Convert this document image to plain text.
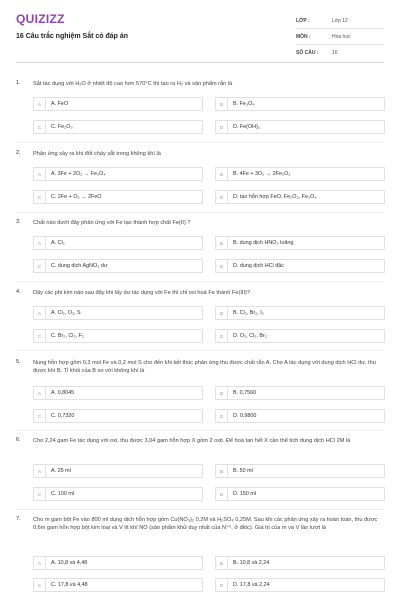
QUIZIZZ
16 Câu trắc nghiệm Sắt có đáp án
LỚP :	Lớp 12
MÔN :	Hóa học
SỐ CÂU :	16
1. Sắt tác dụng với H₂O ở nhiệt độ cao hơn 570°C thì tạo ra H₂ và sản phẩm rắn là
A	A. FeO	B	B. Fe₃O₄
C	C. Fe₂O₃	D	D. Fe(OH)₂
2. Phản ứng xảy ra khi đốt cháy sắt trong không khí là
A	A. 3Fe + 2O₂ → Fe₃O₄	B	B. 4Fe + 3O₂ → 2Fe₂O₃
C	C. 2Fe + O₂ → 2FeO	D	D. tạo hỗn hợp FeO, Fe₂O₃, Fe₃O₄
3. Chất nào dưới đây phản ứng với Fe tạo thành hợp chất Fe(II) ?
A	A. Cl₂	B	B. dung dịch HNO₃ loãng
C	C. dung dịch AgNO₃ dư	D	D. dung dịch HCl đặc
4. Dãy các phi kim nào sau đây khi lấy dư tác dụng với Fe thì chỉ oxi hoá Fe thành Fe(III)?
A	A. Cl₂, O₂, S	B	B. Cl₂, Br₂, I₂
C	C. Br₂, Cl₂, F₂	D	D. O₂, Cl₂, Br₂
5. Nung hỗn hợp gồm 0,3 mol Fe và 0,2 mol S cho đến khi kết thúc phản ứng thu được chất rắn A. Cho A tác dụng với dung dịch HCl dư, thu được khí B. Tỉ khối của B so với không khí là
A	A. 0,8045	B	B. 0,7560
C	C. 0,7320	D	D. 0,9800
6. Cho 2,24 gam Fe tác dụng với oxi, thu được 3,04 gam hỗn hợp X gồm 2 oxit. Để hoà tan hết X cần thể tích dung dịch HCl 2M là
A	A. 25 ml	B	B. 50 ml
C	C. 100 ml	D	D. 150 ml
7. Cho m gam bột Fe vào 800 ml dung dịch hỗn hợp gồm Cu(NO₃)₂ 0,2M và H₂SO₄ 0,25M. Sau khi các phản ứng xảy ra hoàn toàn, thu được 0,6m gam hỗn hợp bột kim loại và V lít khí NO (sản phẩm khử duy nhất của N⁺⁵, ở đktc). Giá trị của m và V lần lượt là
A	A. 10,8 và 4,48	B	B. 10,8 và 2,24
C	C. 17,8 và 4,48	D	D. 17,8 và 2,24
